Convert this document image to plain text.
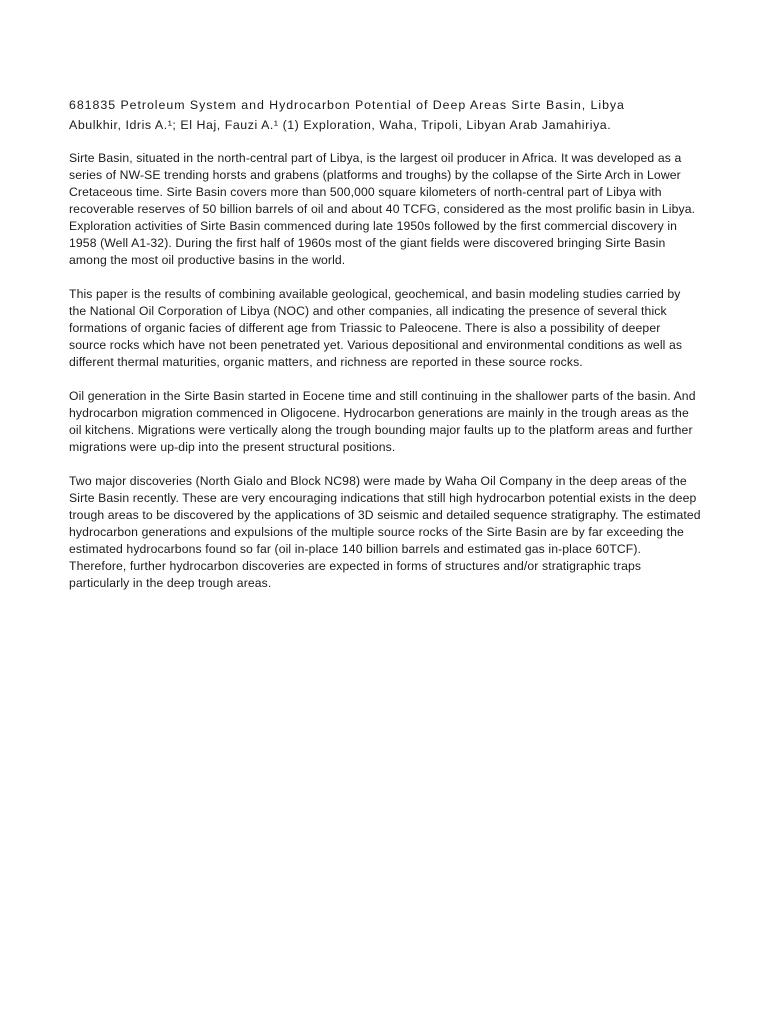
681835 Petroleum System and Hydrocarbon Potential of Deep Areas Sirte Basin, Libya

Abulkhir, Idris A.¹; El Haj, Fauzi A.¹ (1) Exploration, Waha, Tripoli, Libyan Arab Jamahiriya.

Sirte Basin, situated in the north-central part of Libya, is the largest oil producer in Africa. It was developed as a series of NW-SE trending horsts and grabens (platforms and troughs) by the collapse of the Sirte Arch in Lower Cretaceous time. Sirte Basin covers more than 500,000 square kilometers of north-central part of Libya with recoverable reserves of 50 billion barrels of oil and about 40 TCFG, considered as the most prolific basin in Libya. Exploration activities of Sirte Basin commenced during late 1950s followed by the first commercial discovery in 1958 (Well A1-32). During the first half of 1960s most of the giant fields were discovered bringing Sirte Basin among the most oil productive basins in the world.

This paper is the results of combining available geological, geochemical, and basin modeling studies carried by the National Oil Corporation of Libya (NOC) and other companies, all indicating the presence of several thick formations of organic facies of different age from Triassic to Paleocene. There is also a possibility of deeper source rocks which have not been penetrated yet. Various depositional and environmental conditions as well as different thermal maturities, organic matters, and richness are reported in these source rocks.

Oil generation in the Sirte Basin started in Eocene time and still continuing in the shallower parts of the basin. And hydrocarbon migration commenced in Oligocene. Hydrocarbon generations are mainly in the trough areas as the oil kitchens. Migrations were vertically along the trough bounding major faults up to the platform areas and further migrations were up-dip into the present structural positions.

Two major discoveries (North Gialo and Block NC98) were made by Waha Oil Company in the deep areas of the Sirte Basin recently. These are very encouraging indications that still high hydrocarbon potential exists in the deep trough areas to be discovered by the applications of 3D seismic and detailed sequence stratigraphy. The estimated hydrocarbon generations and expulsions of the multiple source rocks of the Sirte Basin are by far exceeding the estimated hydrocarbons found so far (oil in-place 140 billion barrels and estimated gas in-place 60TCF). Therefore, further hydrocarbon discoveries are expected in forms of structures and/or stratigraphic traps particularly in the deep trough areas.
